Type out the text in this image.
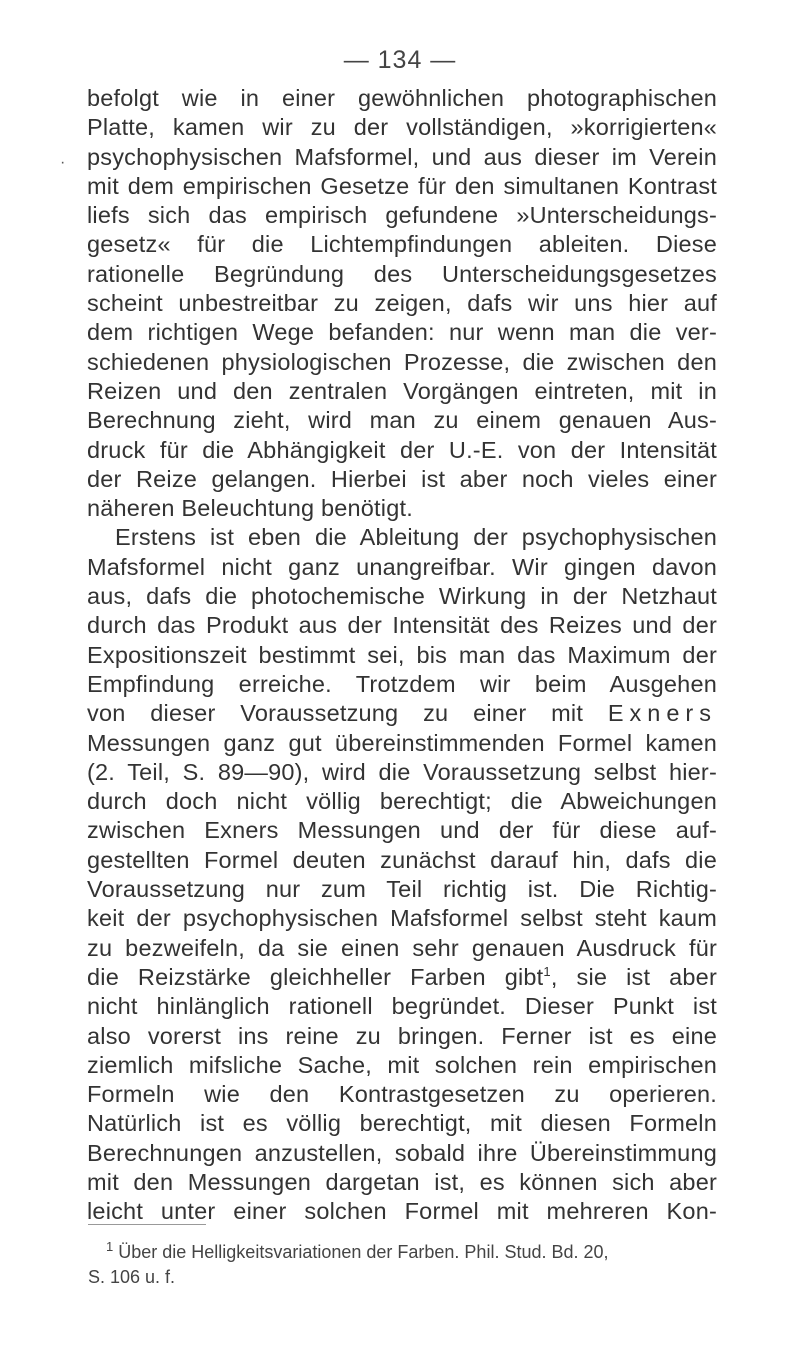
— 134 —
·
befolgt wie in einer gewöhnlichen photographischen
Platte, kamen wir zu der vollständigen, »korrigierten«
psychophysischen Mafsformel, und aus dieser im Verein
mit dem empirischen Gesetze für den simultanen Kontrast
liefs sich das empirisch gefundene »Unterscheidungs-
gesetz« für die Lichtempfindungen ableiten. Diese
rationelle Begründung des Unterscheidungsgesetzes
scheint unbestreitbar zu zeigen, dafs wir uns hier auf
dem richtigen Wege befanden: nur wenn man die ver-
schiedenen physiologischen Prozesse, die zwischen den
Reizen und den zentralen Vorgängen eintreten, mit in
Berechnung zieht, wird man zu einem genauen Aus-
druck für die Abhängigkeit der U.-E. von der Intensität
der Reize gelangen. Hierbei ist aber noch vieles einer
näheren Beleuchtung benötigt.
Erstens ist eben die Ableitung der psychophysischen
Mafsformel nicht ganz unangreifbar. Wir gingen davon
aus, dafs die photochemische Wirkung in der Netzhaut
durch das Produkt aus der Intensität des Reizes und der
Expositionszeit bestimmt sei, bis man das Maximum der
Empfindung erreiche. Trotzdem wir beim Ausgehen
von dieser Voraussetzung zu einer mit Exners
Messungen ganz gut übereinstimmenden Formel kamen
(2. Teil, S. 89—90), wird die Voraussetzung selbst hier-
durch doch nicht völlig berechtigt; die Abweichungen
zwischen Exners Messungen und der für diese auf-
gestellten Formel deuten zunächst darauf hin, dafs die
Voraussetzung nur zum Teil richtig ist. Die Richtig-
keit der psychophysischen Mafsformel selbst steht kaum
zu bezweifeln, da sie einen sehr genauen Ausdruck für
die Reizstärke gleichheller Farben gibt$^1$, sie ist aber
nicht hinlänglich rationell begründet. Dieser Punkt ist
also vorerst ins reine zu bringen. Ferner ist es eine
ziemlich mifsliche Sache, mit solchen rein empirischen
Formeln wie den Kontrastgesetzen zu operieren.
Natürlich ist es völlig berechtigt, mit diesen Formeln
Berechnungen anzustellen, sobald ihre Übereinstimmung
mit den Messungen dargetan ist, es können sich aber
leicht unter einer solchen Formel mit mehreren Kon-
$^1$ Über die Helligkeitsvariationen der Farben. Phil. Stud. Bd. 20,
S. 106 u. f.
